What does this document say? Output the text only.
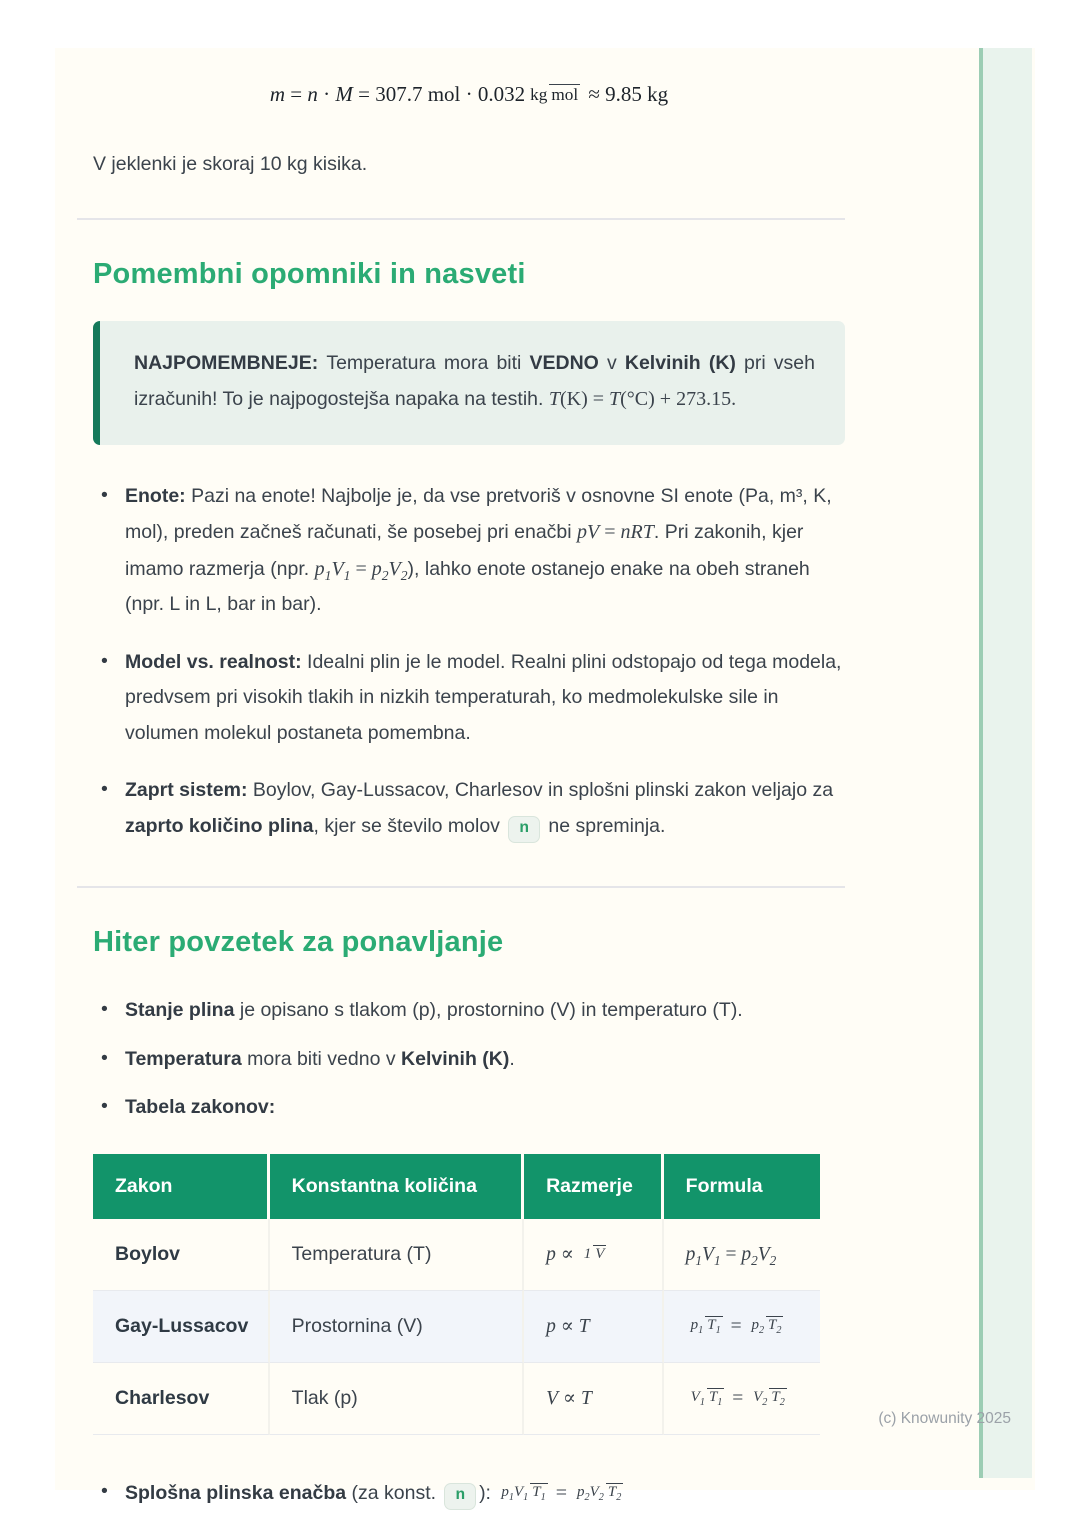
m = n · M = 307.7 mol · 0.032 kg mol ≈ 9.85 kg

V jeklenki je skoraj 10 kg kisika.

Pomembni opomniki in nasveti

NAJPOMEMBNEJE: Temperatura mora biti VEDNO v Kelvinih (K) pri vseh izračunih! To je najpogostejša napaka na testih. T(K) = T(°C) + 273.15.

• Enote: Pazi na enote! Najbolje je, da vse pretvoriš v osnovne SI enote (Pa, m³, K, mol), preden začneš računati, še posebej pri enačbi pV = nRT. Pri zakonih, kjer imamo razmerja (npr. $p_1V_1 = p_2V_2$), lahko enote ostanejo enake na obeh straneh (npr. L in L, bar in bar).
• Model vs. realnost: Idealni plin je le model. Realni plini odstopajo od tega modela, predvsem pri visokih tlakih in nizkih temperaturah, ko medmolekulske sile in volumen molekul postaneta pomembna.
• Zaprt sistem: Boylov, Gay-Lussacov, Charlesov in splošni plinski zakon veljajo za zaprto količino plina, kjer se število molov n ne spreminja.
Hiter povzetek za ponavljanje
• Stanje plina je opisano s tlakom (p), prostornino (V) in temperaturo (T).
• Temperatura mora biti vedno v Kelvinih (K).
• Tabela zakonov:
Zakon	Konstantna količina	Razmerje	Formula
Boylov	Temperatura (T)	p ∝ 1 V	$p_1V_1 = p_2V_2$
Gay-Lussacov	Prostornina (V)	p ∝ T	$p_1$ $T_1 = p_2$ $T_2$
Charlesov	Tlak (p)	V ∝ T	$V_1$ $T_1 = V_2$ $T_2$
• Splošna plinska enačba (za konst. n ): $p_1V_1$ $T_1 = p_2V_2$ $T_2$
(c) Knowunity 2025
